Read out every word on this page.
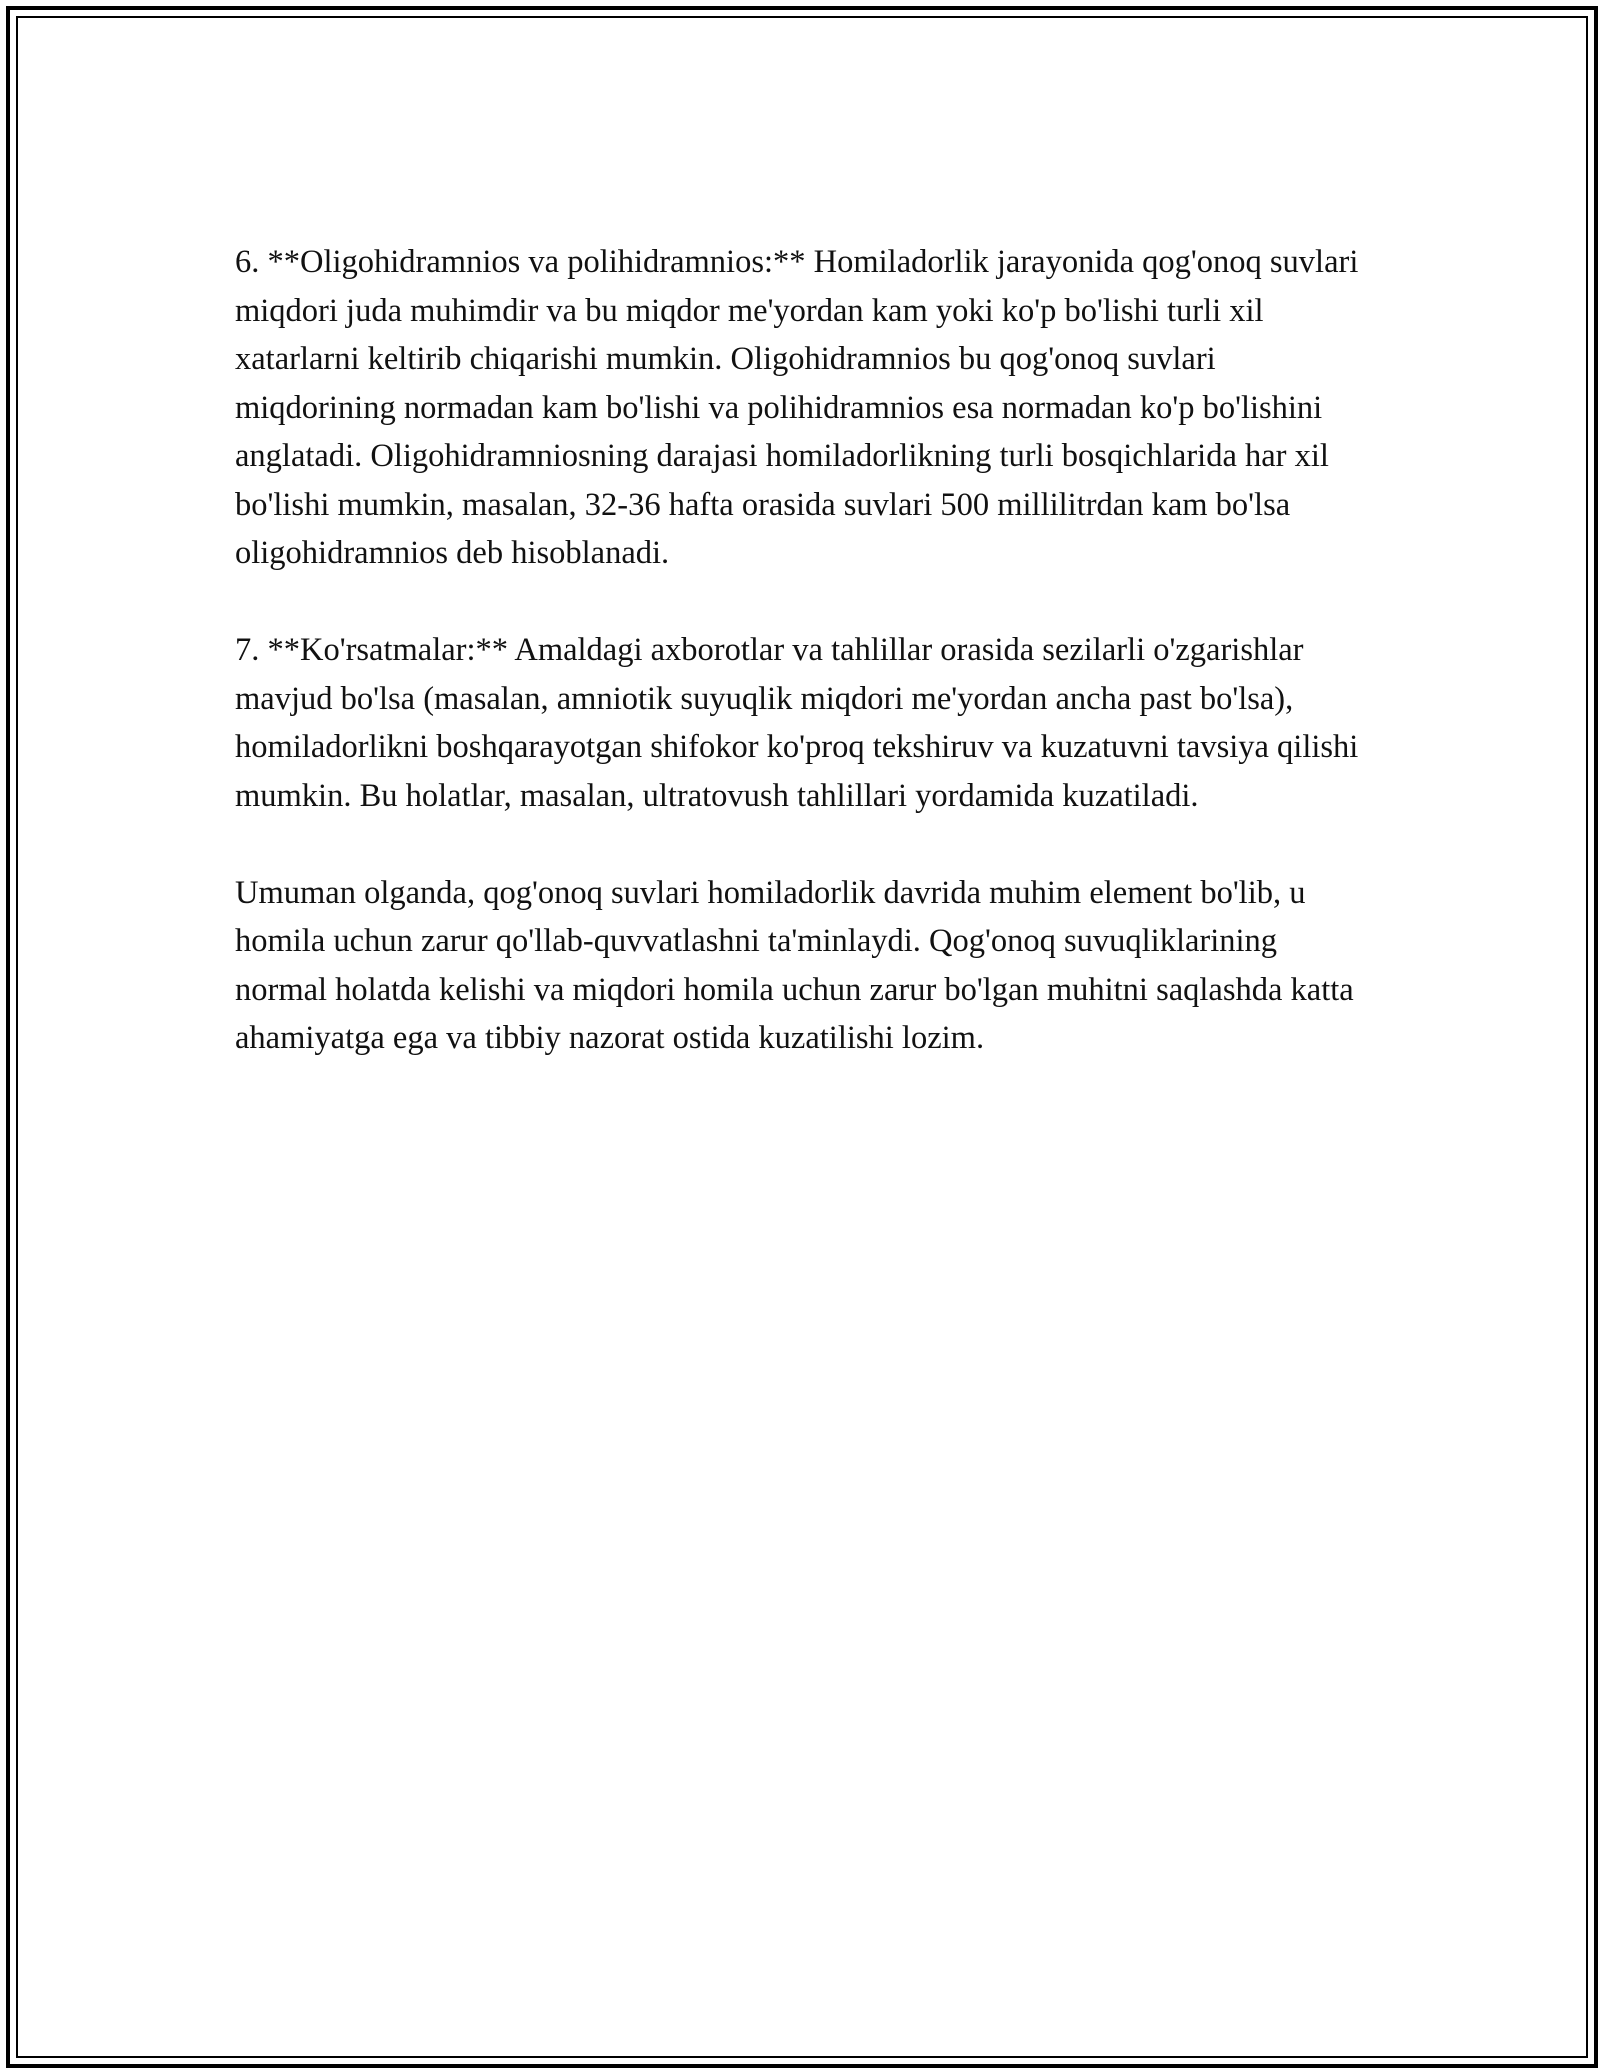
6. **Oligohidramnios va polihidramnios:** Homiladorlik jarayonida qog'onoq suvlari miqdori juda muhimdir va bu miqdor me'yordan kam yoki ko'p bo'lishi turli xil xatarlarni keltirib chiqarishi mumkin. Oligohidramnios bu qog'onoq suvlari miqdorining normadan kam bo'lishi va polihidramnios esa normadan ko'p bo'lishini anglatadi. Oligohidramniosning darajasi homiladorlikning turli bosqichlarida har xil bo'lishi mumkin, masalan, 32-36 hafta orasida suvlari 500 millilitrdan kam bo'lsa oligohidramnios deb hisoblanadi.

7. **Ko'rsatmalar:** Amaldagi axborotlar va tahlillar orasida sezilarli o'zgarishlar mavjud bo'lsa (masalan, amniotik suyuqlik miqdori me'yordan ancha past bo'lsa), homiladorlikni boshqarayotgan shifokor ko'proq tekshiruv va kuzatuvni tavsiya qilishi mumkin. Bu holatlar, masalan, ultratovush tahlillari yordamida kuzatiladi.

Umuman olganda, qog'onoq suvlari homiladorlik davrida muhim element bo'lib, u homila uchun zarur qo'llab-quvvatlashni ta'minlaydi. Qog'onoq suvuqliklarining normal holatda kelishi va miqdori homila uchun zarur bo'lgan muhitni saqlashda katta ahamiyatga ega va tibbiy nazorat ostida kuzatilishi lozim.
